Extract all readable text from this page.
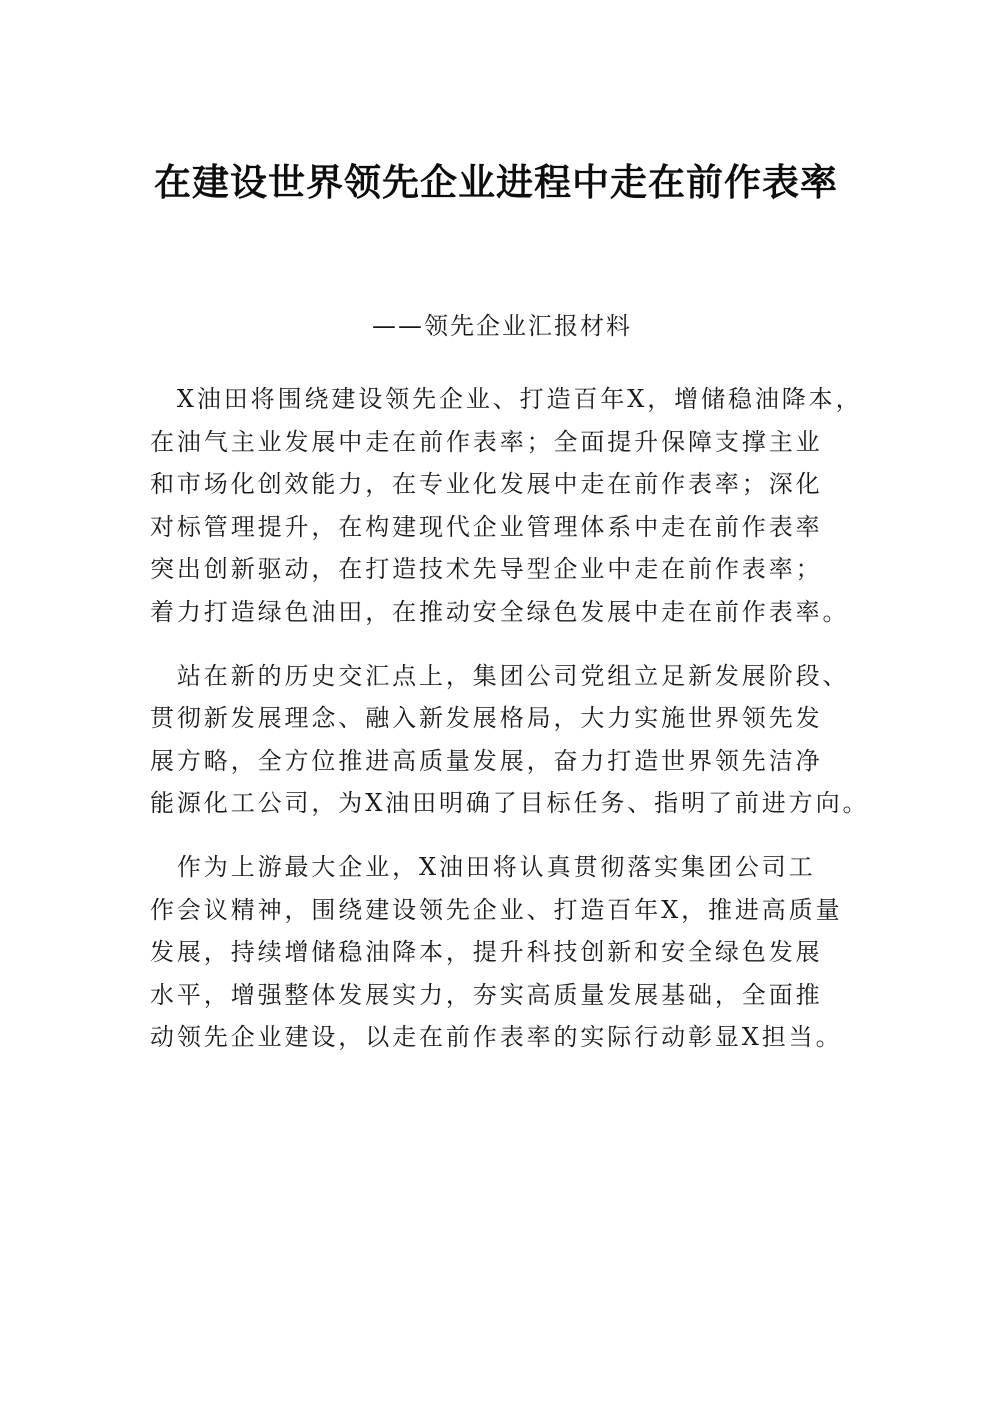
在建设世界领先企业进程中走在前作表率
——领先企业汇报材料

　X油田将围绕建设领先企业、打造百年X，增储稳油降本，
在油气主业发展中走在前作表率；全面提升保障支撑主业
和市场化创效能力，在专业化发展中走在前作表率；深化
对标管理提升，在构建现代企业管理体系中走在前作表率
突出创新驱动，在打造技术先导型企业中走在前作表率；
着力打造绿色油田，在推动安全绿色发展中走在前作表率。

　站在新的历史交汇点上，集团公司党组立足新发展阶段、
贯彻新发展理念、融入新发展格局，大力实施世界领先发
展方略，全方位推进高质量发展，奋力打造世界领先洁净
能源化工公司，为X油田明确了目标任务、指明了前进方向。

　作为上游最大企业，X油田将认真贯彻落实集团公司工
作会议精神，围绕建设领先企业、打造百年X，推进高质量
发展，持续增储稳油降本，提升科技创新和安全绿色发展
水平，增强整体发展实力，夯实高质量发展基础，全面推
动领先企业建设，以走在前作表率的实际行动彰显X担当。
